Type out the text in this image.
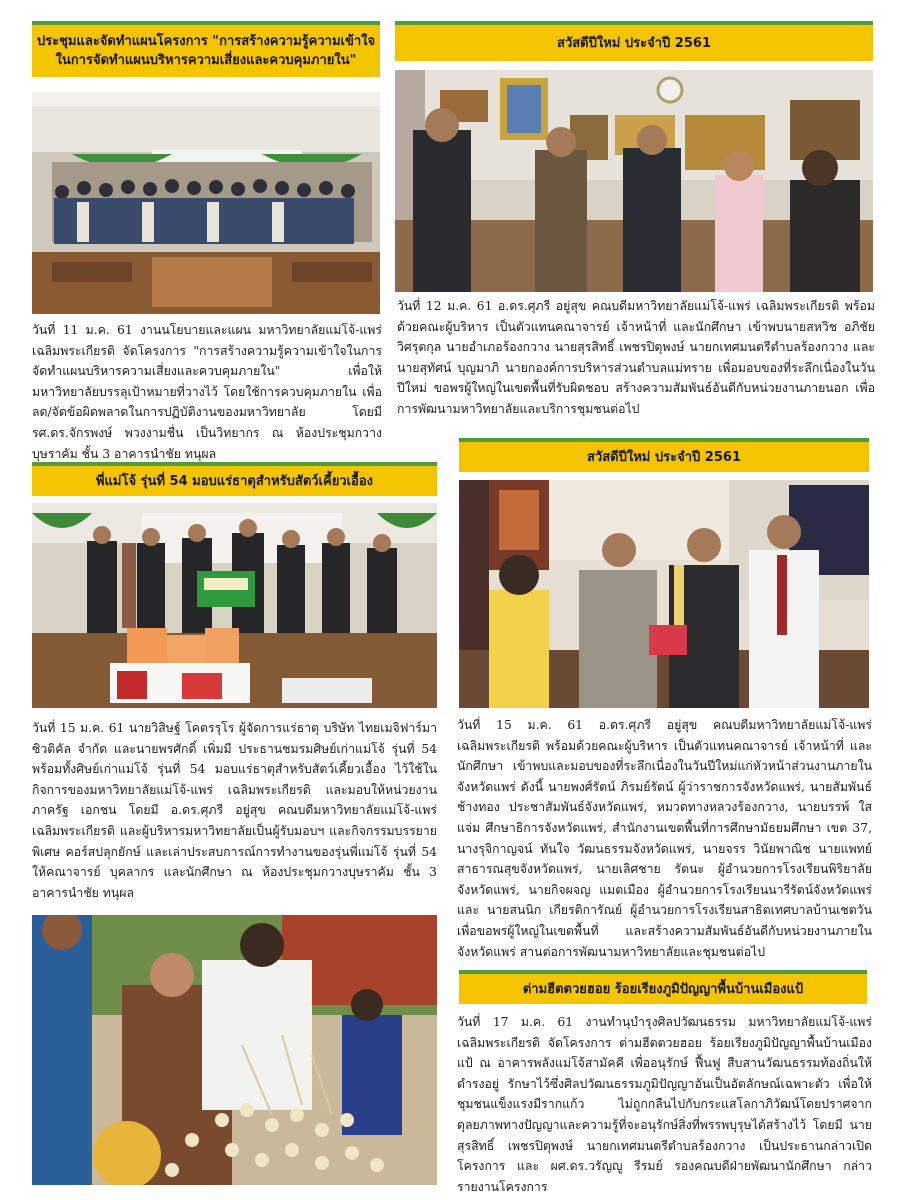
ประชุมและจัดทำแผนโครงการ "การสร้างความรู้ความเข้าใจ
ในการจัดทำแผนบริหารความเสี่ยงและควบคุมภายใน"
วันที่ 11 ม.ค. 61 งานนโยบายและแผน มหาวิทยาลัยแม่โจ้-แพร่ เฉลิมพระเกียรติ จัดโครงการ "การสร้างความรู้ความเข้าใจในการจัดทำแผนบริหารความเสี่ยงและควบคุมภายใน" เพื่อให้มหาวิทยาลัยบรรลุเป้าหมายที่วางไว้ โดยใช้การควบคุมภายใน เพื่อลด/จัดข้อผิดพลาดในการปฏิบัติงานของมหาวิทยาลัย โดยมี รศ.ดร.จักรพงษ์ พวงงามชื่น เป็นวิทยากร ณ ห้องประชุมกวางบุษราคัม ชั้น 3 อาคารนำชัย ทนุผล
สวัสดีปีใหม่ ประจำปี 2561
วันที่ 12 ม.ค. 61 อ.ดร.ศุภรี อยู่สุข คณบดีมหาวิทยาลัยแม่โจ้-แพร่ เฉลิมพระเกียรติ พร้อมด้วยคณะผู้บริหาร เป็นตัวแทนคณาจารย์ เจ้าหน้าที่ และนักศึกษา เข้าพบนายสหวิช อภิชัยวิศรุตกุล นายอำเภอร้องกวาง นายสุรสิทธิ์ เพชรปิตุพงษ์ นายกเทศมนตรีตำบลร้องกวาง และนายสุทัศน์ บุญมาภิ นายกองค์การบริหารส่วนตำบลแม่ทราย เพื่อมอบของที่ระลึกเนื่องในวันปีใหม่ ขอพรผู้ใหญ่ในเขตพื้นที่รับผิดชอบ สร้างความสัมพันธ์อันดีกับหน่วยงานภายนอก เพื่อการพัฒนามหาวิทยาลัยและบริการชุมชนต่อไป
พี่แม่โจ้ รุ่นที่ 54 มอบแร่ธาตุสำหรับสัตว์เคี้ยวเอื้อง
วันที่ 15 ม.ค. 61 นายวิสิษฐ์ โคตรรุโร ผู้จัดการแร่ธาตุ บริษัท ไทยเมจิฟาร์มาซิวติคัล จำกัด และนายพรศักดิ์ เพิ่มมี ประธานชมรมศิษย์เก่าแม่โจ้ รุ่นที่ 54 พร้อมทั้งศิษย์เก่าแม่โจ้ รุ่นที่ 54 มอบแร่ธาตุสำหรับสัตว์เคี้ยวเอื้อง ไว้ใช้ในกิจการของมหาวิทยาลัยแม่โจ้-แพร่ เฉลิมพระเกียรติ และมอบให้หน่วยงานภาครัฐ เอกชน โดยมี อ.ดร.ศุภรี อยู่สุข คณบดีมหาวิทยาลัยแม่โจ้-แพร่ เฉลิมพระเกียรติ และผู้บริหารมหาวิทยาลัยเป็นผู้รับมอบฯ และกิจกรรมบรรยายพิเศษ คอร์สปลุกยักษ์ และเล่าประสบการณ์การทำงานของรุ่นพี่แม่โจ้ รุ่นที่ 54 ให้คณาจารย์ บุคลากร และนักศึกษา ณ ห้องประชุมกวางบุษราคัม ชั้น 3 อาคารนำชัย ทนุผล
สวัสดีปีใหม่ ประจำปี 2561
วันที่ 15 ม.ค. 61 อ.ดร.ศุภรี อยู่สุข คณบดีมหาวิทยาลัยแม่โจ้-แพร่ เฉลิมพระเกียรติ พร้อมด้วยคณะผู้บริหาร เป็นตัวแทนคณาจารย์ เจ้าหน้าที่ และนักศึกษา เข้าพบและมอบของที่ระลึกเนื่องในวันปีใหม่แก่หัวหน้าส่วนงานภายในจังหวัดแพร่ ดังนี้ นายพงศ์รัตน์ ภิรมย์รัตน์ ผู้ว่าราชการจังหวัดแพร่, นายสัมพันธ์ ช้างทอง ประชาสัมพันธ์จังหวัดแพร่, หมวดทางหลวงร้องกวาง, นายบรรพ์ ใสแจ่ม ศึกษาธิการจังหวัดแพร่, สำนักงานเขตพื้นที่การศึกษามัธยมศึกษา เขต 37, นางรุจิกาญจน์ ทันใจ วัฒนธรรมจังหวัดแพร่, นายจรร วินัยพาณิช นายแพทย์สาธารณสุขจังหวัดแพร่, นายเลิศชาย รัตนะ ผู้อำนวยการโรงเรียนพิริยาลัยจังหวัดแพร่, นายกิจผจญ แมตเมือง ผู้อำนวยการโรงเรียนนารีรัตน์จังหวัดแพร่ และ นายสนนิก เกียรติการัณย์ ผู้อำนวยการโรงเรียนสาธิตเทศบาลบ้านเชตวัน เพื่อขอพรผู้ใหญ่ในเขตพื้นที่ และสร้างความสัมพันธ์อันดีกับหน่วยงานภายในจังหวัดแพร่ สานต่อการพัฒนามหาวิทยาลัยและชุมชนต่อไป
ต่ามฮีตตวยฮอย ร้อยเรียงภูมิปัญญาพื้นบ้านเมืองแป้
วันที่ 17 ม.ค. 61 งานทำนุบำรุงศิลปวัฒนธรรม มหาวิทยาลัยแม่โจ้-แพร่ เฉลิมพระเกียรติ จัดโครงการ ต่ามฮีตตวยฮอย ร้อยเรียงภูมิปัญญาพื้นบ้านเมืองแป้ ณ อาคารพลังแม่โจ้สามัคคี เพื่ออนุรักษ์ ฟื้นฟู สืบสานวัฒนธรรมท้องถิ่นให้ดำรงอยู่ รักษาไว้ซึ่งศิลปวัฒนธรรมภูมิปัญญาอันเป็นอัตลักษณ์เฉพาะตัว เพื่อให้ชุมชนแข็งแรงมีรากแก้ว ไม่ถูกกลืนไปกับกระแสโลกาภิวัฒน์โดยปราศจากดุลยภาพทางปัญญาและความรู้ที่จะอนุรักษ์สิ่งที่พรรพบุรุษได้สร้างไว้ โดยมี นายสุรสิทธิ์ เพชรปิตุพงษ์ นายกเทศมนตรีตำบลร้องกวาง เป็นประธานกล่าวเปิดโครงการ และ ผศ.ดร.วรัญญู รีรมย์ รองคณบดีฝ่ายพัฒนานักศึกษา กล่าวรายงานโครงการ
